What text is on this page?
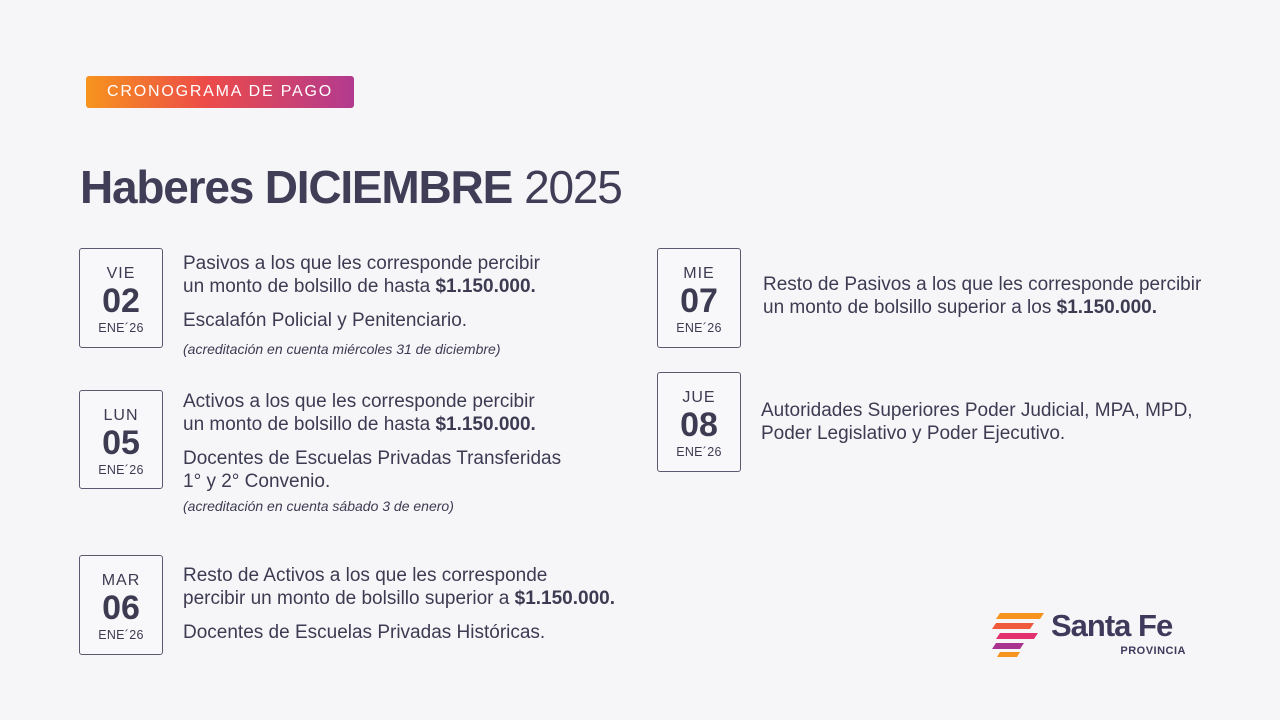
CRONOGRAMA DE PAGO
Haberes DICIEMBRE 2025
VIE
02
ENE´26
Pasivos a los que les corresponde percibir
un monto de bolsillo de hasta $1.150.000.
Escalafón Policial y Penitenciario.
(acreditación en cuenta miércoles 31 de diciembre)
LUN
05
ENE´26
Activos a los que les corresponde percibir
un monto de bolsillo de hasta $1.150.000.
Docentes de Escuelas Privadas Transferidas
1° y 2° Convenio.
(acreditación en cuenta sábado 3 de enero)
MAR
06
ENE´26
Resto de Activos a los que les corresponde
percibir un monto de bolsillo superior a $1.150.000.
Docentes de Escuelas Privadas Históricas.
MIE
07
ENE´26
Resto de Pasivos a los que les corresponde percibir
un monto de bolsillo superior a los $1.150.000.
JUE
08
ENE´26
Autoridades Superiores Poder Judicial, MPA, MPD,
Poder Legislativo y Poder Ejecutivo.
Santa Fe
PROVINCIA
